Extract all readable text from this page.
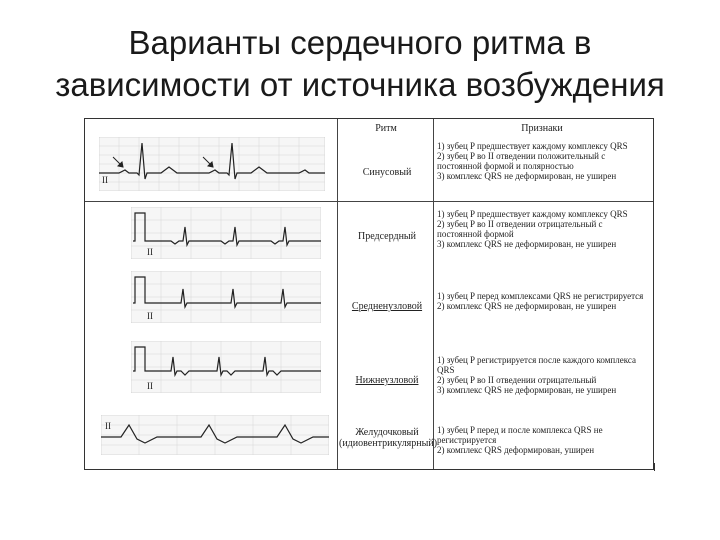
Варианты сердечного ритма в
зависимости от источника возбуждения
Ритм	Признаки
Синусовый
1) зубец P предшествует каждому комплексу QRS
2) зубец P во II отведении положительный с постоянной формой и полярностью
3) комплекс QRS не деформирован, не уширен
Предсердный
1) зубец P предшествует каждому комплексу QRS
2) зубец P во II отведении отрицательный с постоянной формой
3) комплекс QRS не деформирован, не уширен
Средненузловой
1) зубец P перед комплексами QRS не регистрируется
2) комплекс QRS не деформирован, не уширен
Нижнеузловой
1) зубец P регистрируется после каждого комплекса QRS
2) зубец P во II отведении отрицательный
3) комплекс QRS не деформирован, не уширен
Желудочковый (идиовентрикулярный)
1) зубец P перед и после комплекса QRS не регистрируется
2) комплекс QRS деформирован, уширен
II
II
II
II
II
